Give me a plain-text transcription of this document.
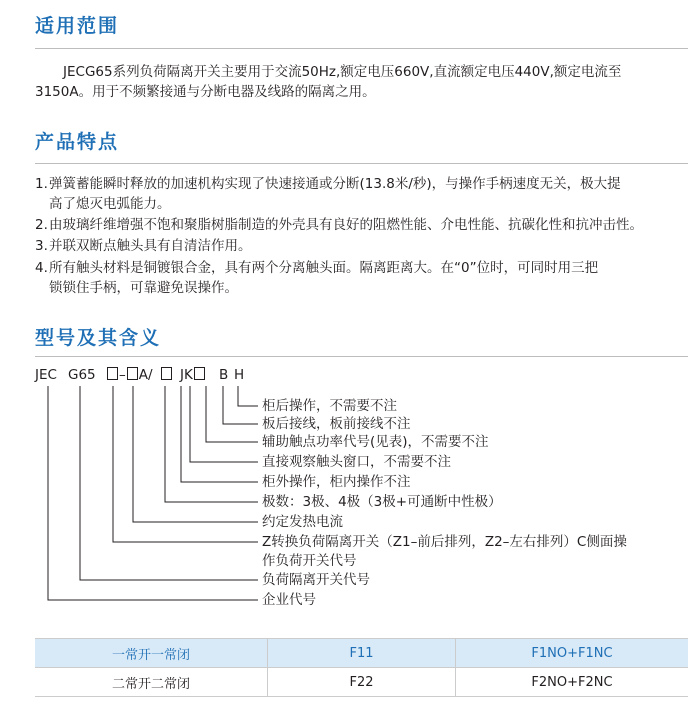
适用范围

JECG65系列负荷隔离开关主要用于交流50Hz,额定电压660V,直流额定电压440V,额定电流至3150A。用于不频繁接通与分断电器及线路的隔离之用。

产品特点
1.弹簧蓄能瞬时释放的加速机构实现了快速接通或分断(13.8米/秒)，与操作手柄速度无关，极大提
高了熄灭电弧能力。
2.由玻璃纤维增强不饱和聚脂树脂制造的外壳具有良好的阻燃性能、介电性能、抗碳化性和抗冲击性。
3.并联双断点触头具有自清洁作用。
4.所有触头材料是铜镀银合金，具有两个分离触头面。隔离距离大。在“0”位时，可同时用三把
锁锁住手柄，可靠避免误操作。
型号及其含义
JEC G65	– A/ JK	B H
柜后操作，不需要不注
板后接线，板前接线不注
辅助触点功率代号(见表)，不需要不注
直接观察触头窗口，不需要不注
柜外操作，柜内操作不注
极数：3极、4极（3极+可通断中性极）
约定发热电流
Z转换负荷隔离开关（Z1–前后排列，Z2–左右排列）C侧面操
作负荷开关代号
负荷隔离开关代号
企业代号
一常开一常闭	F11	F1NO+F1NC
二常开二常闭	F22	F2NO+F2NC
